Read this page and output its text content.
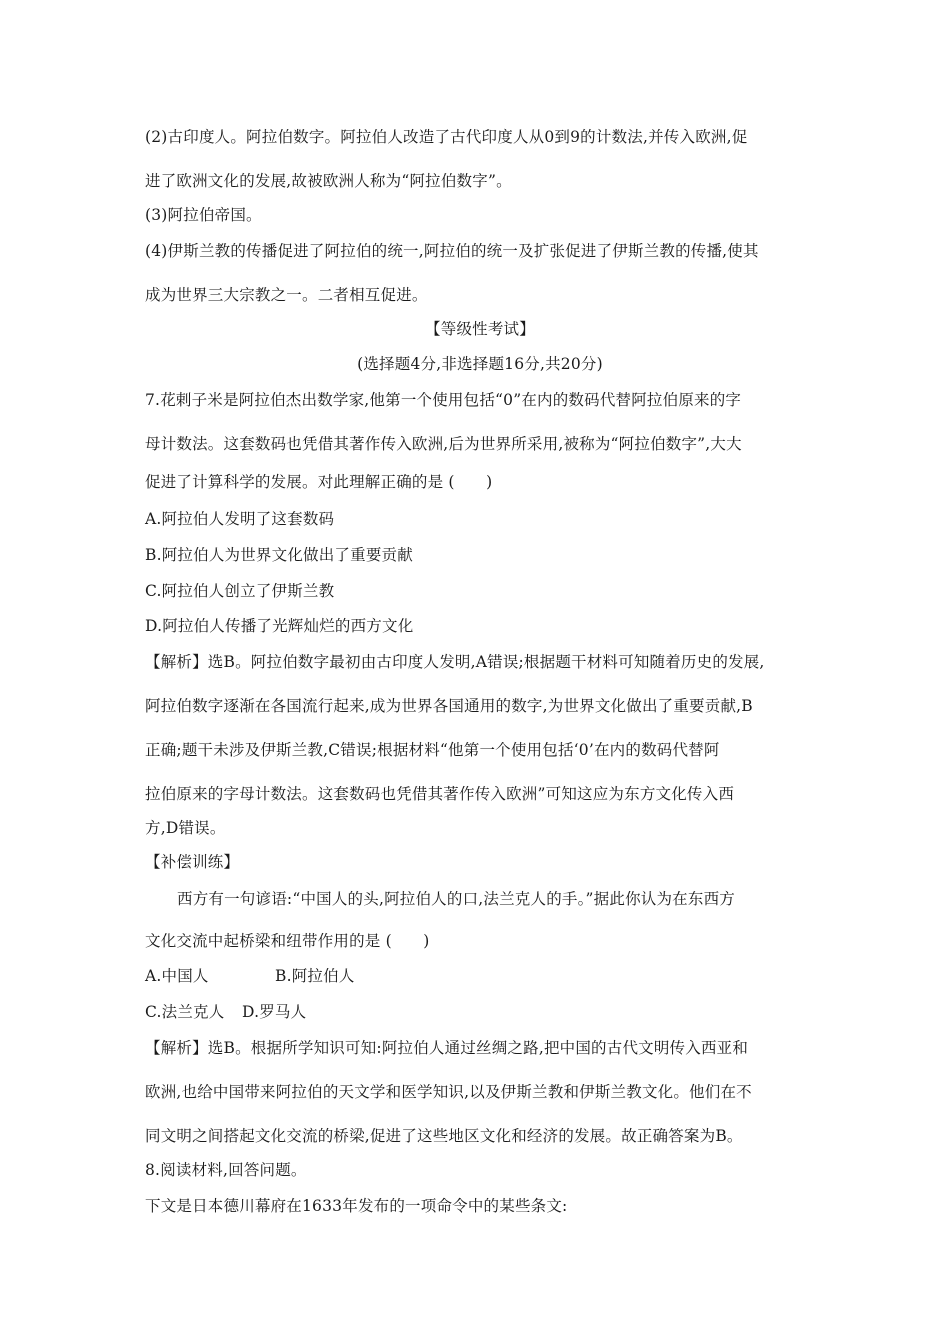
(2)古印度人。阿拉伯数字。阿拉伯人改造了古代印度人从0到9的计数法,并传入欧洲,促
进了欧洲文化的发展,故被欧洲人称为“阿拉伯数字”。
(3)阿拉伯帝国。
(4)伊斯兰教的传播促进了阿拉伯的统一,阿拉伯的统一及扩张促进了伊斯兰教的传播,使其
成为世界三大宗教之一。二者相互促进。
【等级性考试】
(选择题4分,非选择题16分,共20分)
7.花剌子米是阿拉伯杰出数学家,他第一个使用包括“0”在内的数码代替阿拉伯原来的字
母计数法。这套数码也凭借其著作传入欧洲,后为世界所采用,被称为“阿拉伯数字”,大大
促进了计算科学的发展。对此理解正确的是 (　　)
A.阿拉伯人发明了这套数码
B.阿拉伯人为世界文化做出了重要贡献
C.阿拉伯人创立了伊斯兰教
D.阿拉伯人传播了光辉灿烂的西方文化
【解析】选B。阿拉伯数字最初由古印度人发明,A错误;根据题干材料可知随着历史的发展,
阿拉伯数字逐渐在各国流行起来,成为世界各国通用的数字,为世界文化做出了重要贡献,B
正确;题干未涉及伊斯兰教,C错误;根据材料“他第一个使用包括‘0’在内的数码代替阿
拉伯原来的字母计数法。这套数码也凭借其著作传入欧洲”可知这应为东方文化传入西
方,D错误。
【补偿训练】
西方有一句谚语:“中国人的头,阿拉伯人的口,法兰克人的手。”据此你认为在东西方
文化交流中起桥梁和纽带作用的是 (　　)
A.中国人	B.阿拉伯人
C.法兰克人 D.罗马人
【解析】选B。根据所学知识可知:阿拉伯人通过丝绸之路,把中国的古代文明传入西亚和
欧洲,也给中国带来阿拉伯的天文学和医学知识,以及伊斯兰教和伊斯兰教文化。他们在不
同文明之间搭起文化交流的桥梁,促进了这些地区文化和经济的发展。故正确答案为B。
8.阅读材料,回答问题。
下文是日本德川幕府在1633年发布的一项命令中的某些条文:
